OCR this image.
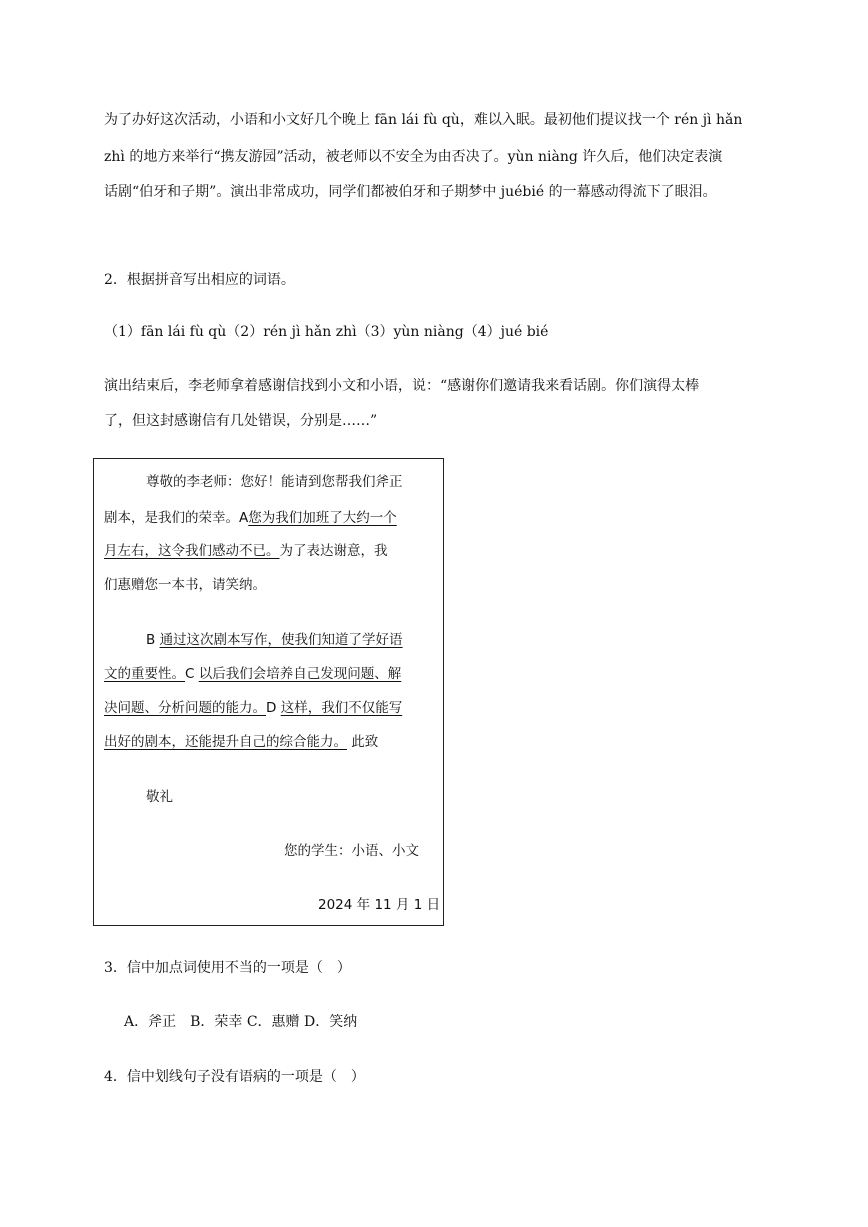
为了办好这次活动，小语和小文好几个晚上 fān lái fù qù，难以入眠。最初他们提议找一个 rén jì hǎn
zhì 的地方来举行“携友游园”活动，被老师以不安全为由否决了。yùn niàng 许久后，他们决定表演
话剧“伯牙和子期”。演出非常成功，同学们都被伯牙和子期梦中 juébié 的一幕感动得流下了眼泪。
2．根据拼音写出相应的词语。
（1）fān lái fù qù（2）rén jì hǎn zhì（3）yùn niàng（4）jué bié
演出结束后，李老师拿着感谢信找到小文和小语，说：“感谢你们邀请我来看话剧。你们演得太棒
了，但这封感谢信有几处错误，分别是……”
尊敬的李老师：您好！能请到您帮我们斧正
剧本，是我们的荣幸。A您为我们加班了大约一个
月左右，这令我们感动不已。为了表达谢意，我
们惠赠您一本书，请笑纳。
B 通过这次剧本写作，使我们知道了学好语
文的重要性。C 以后我们会培养自己发现问题、解
决问题、分析问题的能力。D 这样，我们不仅能写
出好的剧本，还能提升自己的综合能力。 此致
敬礼
您的学生：小语、小文
2024 年 11 月 1 日
3．信中加点词使用不当的一项是（　）
A．斧正　B．荣幸 C．惠赠 D．笑纳
4．信中划线句子没有语病的一项是（　）
